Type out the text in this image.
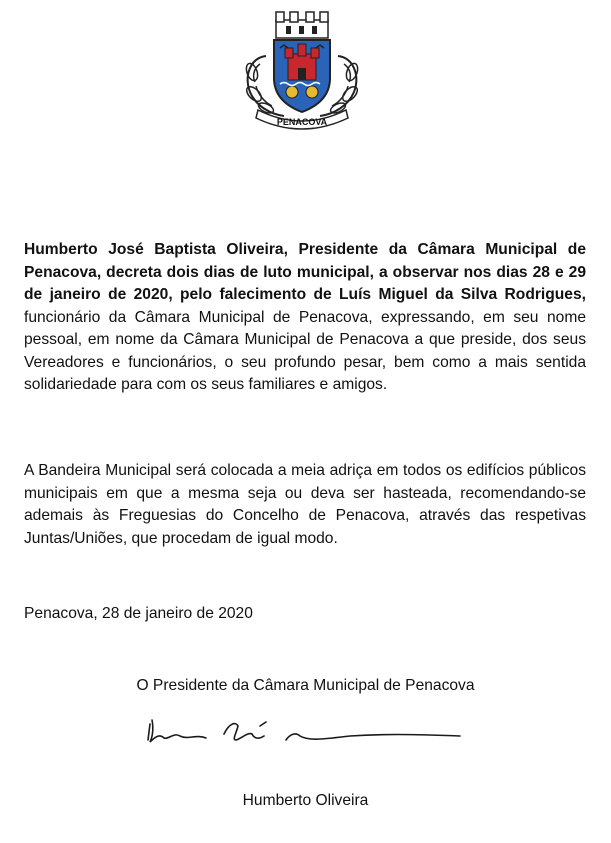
PENACOVA

Humberto José Baptista Oliveira, Presidente da Câmara Municipal de Penacova, decreta dois dias de luto municipal, a observar nos dias 28 e 29 de janeiro de 2020, pelo falecimento de Luís Miguel da Silva Rodrigues, funcionário da Câmara Municipal de Penacova, expressando, em seu nome pessoal, em nome da Câmara Municipal de Penacova a que preside, dos seus Vereadores e funcionários, o seu profundo pesar, bem como a mais sentida solidariedade para com os seus familiares e amigos.

A Bandeira Municipal será colocada a meia adriça em todos os edifícios públicos municipais em que a mesma seja ou deva ser hasteada, recomendando-se ademais às Freguesias do Concelho de Penacova, através das respetivas Juntas/Uniões, que procedam de igual modo.

Penacova, 28 de janeiro de 2020

O Presidente da Câmara Municipal de Penacova

Humberto Oliveira
